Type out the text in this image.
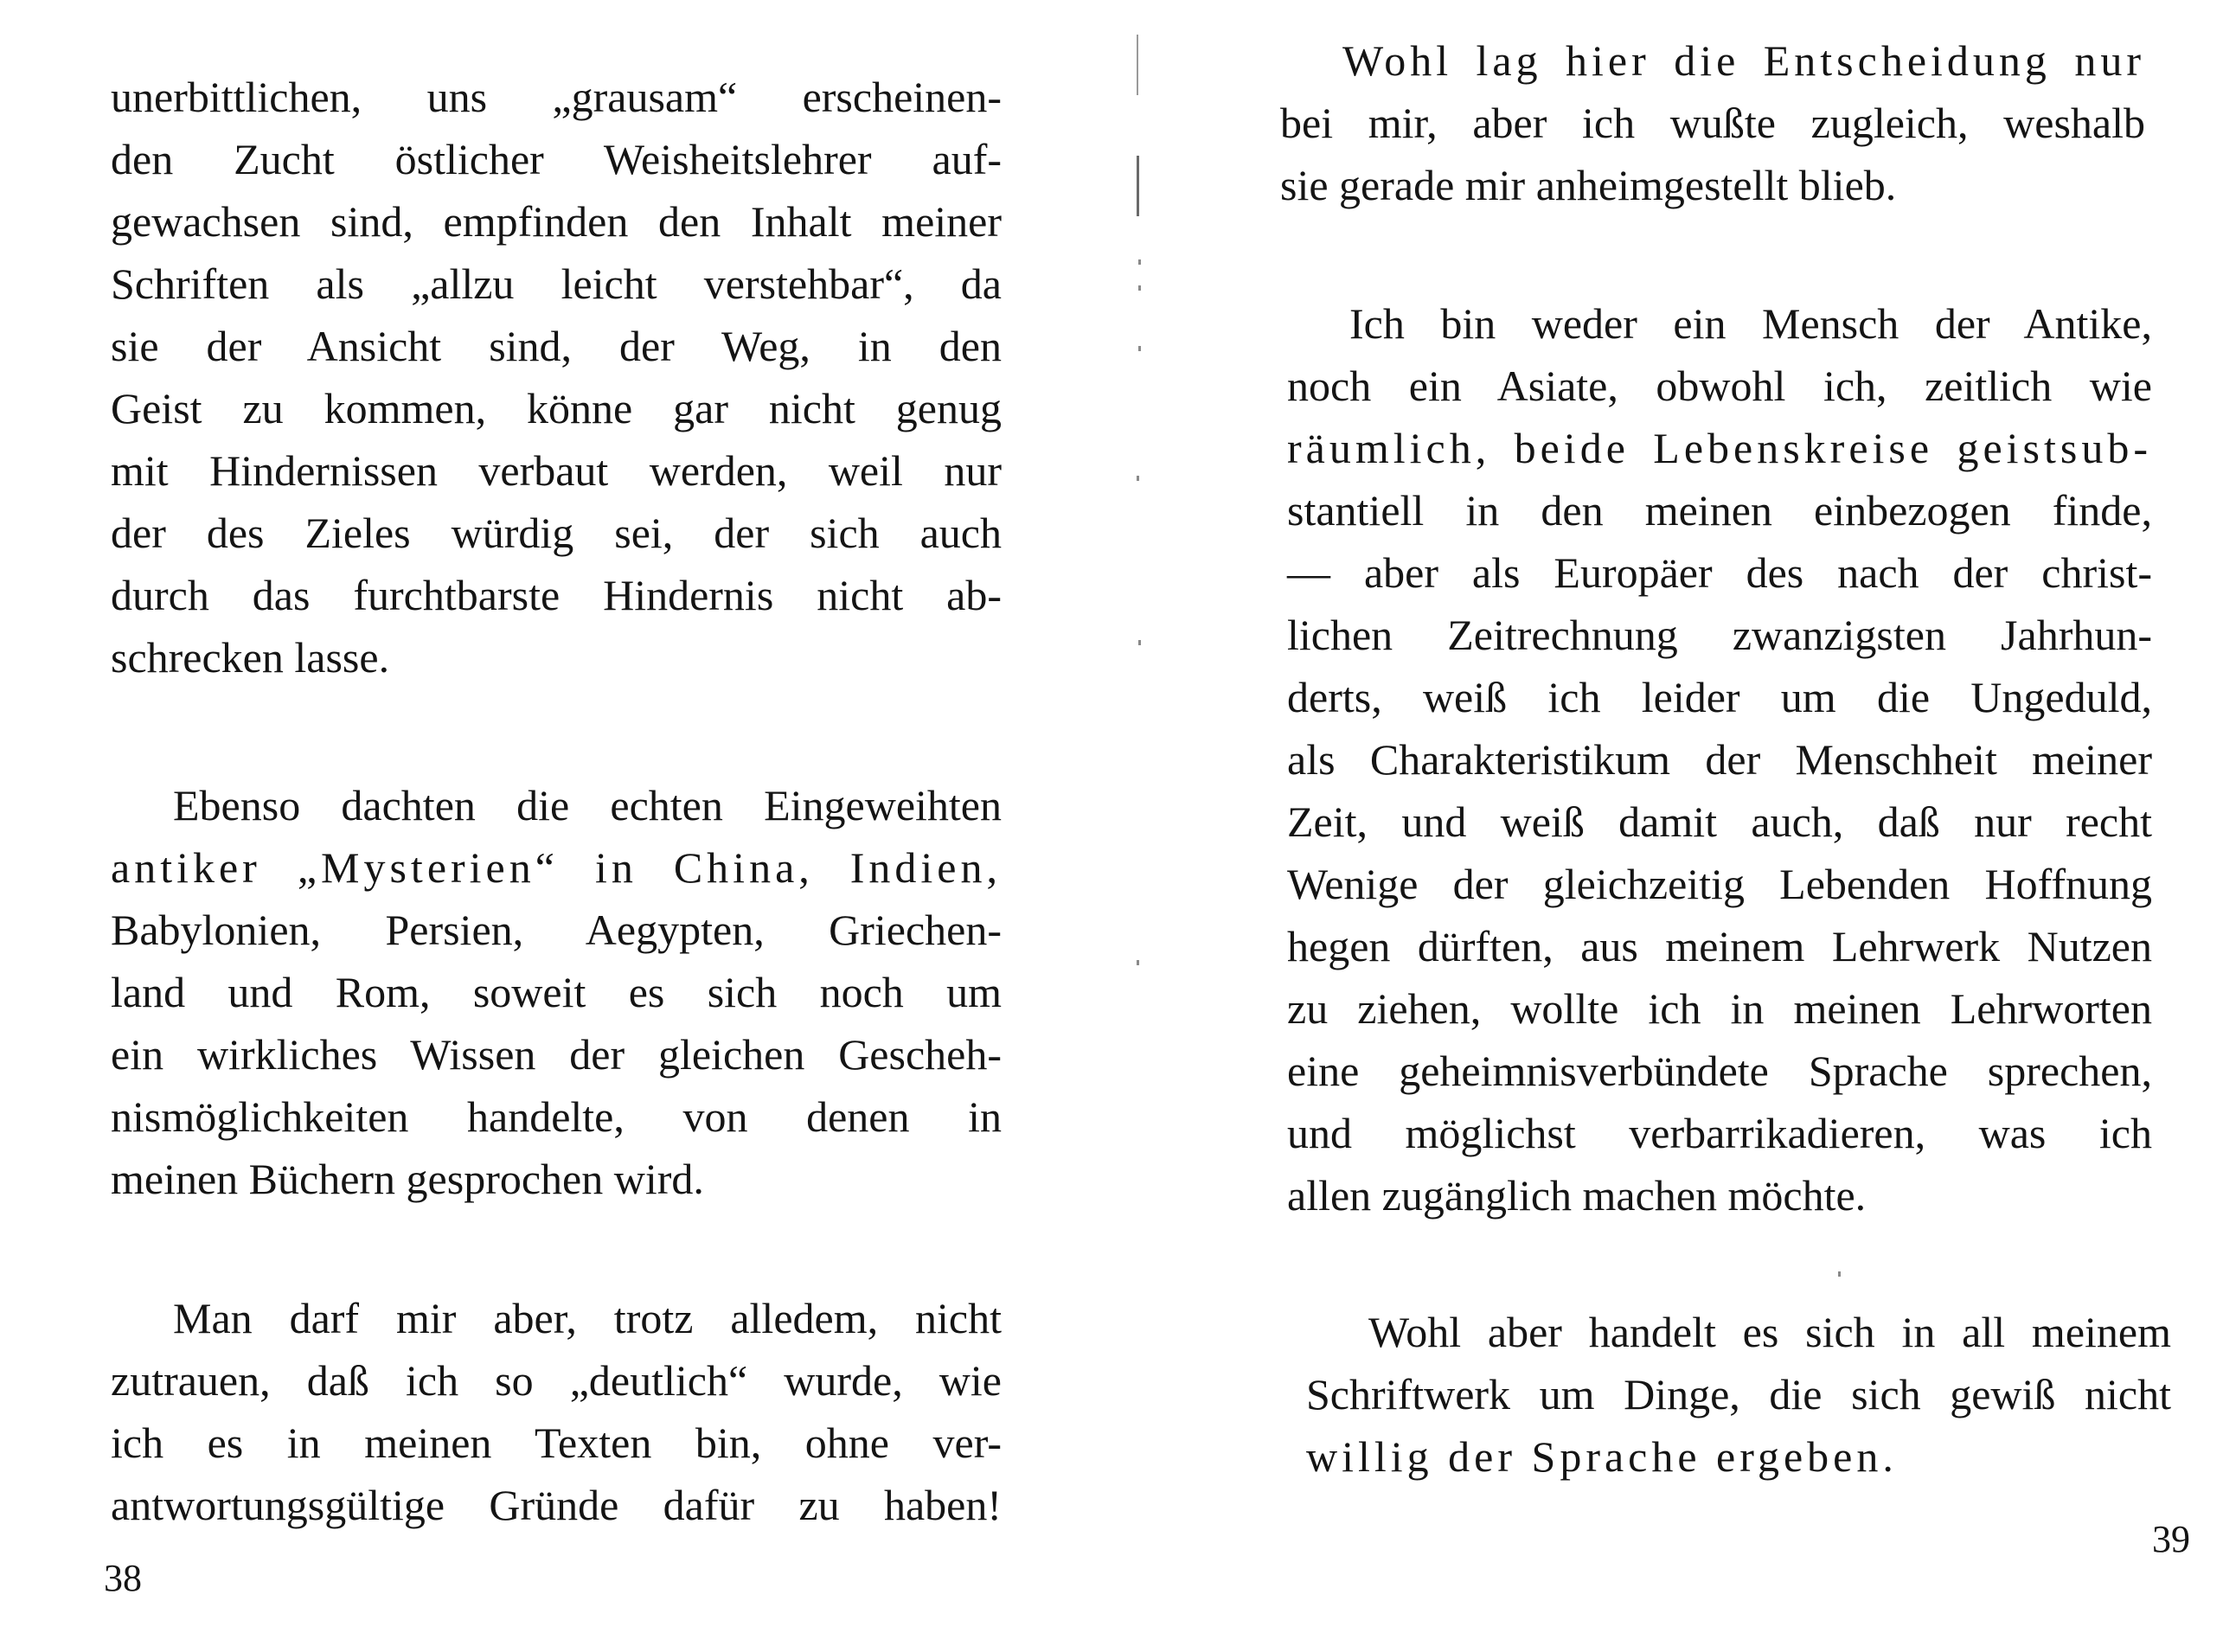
unerbittlichen, uns „grausam“ erscheinen-
den Zucht östlicher Weisheitslehrer auf-
gewachsen sind, empfinden den Inhalt meiner
Schriften als „allzu leicht verstehbar“, da
sie der Ansicht sind, der Weg, in den
Geist zu kommen, könne gar nicht genug
mit Hindernissen verbaut werden, weil nur
der des Zieles würdig sei, der sich auch
durch das furchtbarste Hindernis nicht ab-
schrecken lasse.
Ebenso dachten die echten Eingeweihten
antiker „Mysterien“ in China, Indien,
Babylonien, Persien, Aegypten, Griechen-
land und Rom, soweit es sich noch um
ein wirkliches Wissen der gleichen Gescheh-
nismöglichkeiten handelte, von denen in
meinen Büchern gesprochen wird.
Man darf mir aber, trotz alledem, nicht
zutrauen, daß ich so „deutlich“ wurde, wie
ich es in meinen Texten bin, ohne ver-
antwortungsgültige Gründe dafür zu haben!

38

Wohl lag hier die Entscheidung nur
bei mir, aber ich wußte zugleich, weshalb
sie gerade mir anheimgestellt blieb.
Ich bin weder ein Mensch der Antike,
noch ein Asiate, obwohl ich, zeitlich wie
räumlich, beide Lebenskreise geistsub-
stantiell in den meinen einbezogen finde,
— aber als Europäer des nach der christ-
lichen Zeitrechnung zwanzigsten Jahrhun-
derts, weiß ich leider um die Ungeduld,
als Charakteristikum der Menschheit meiner
Zeit, und weiß damit auch, daß nur recht
Wenige der gleichzeitig Lebenden Hoffnung
hegen dürften, aus meinem Lehrwerk Nutzen
zu ziehen, wollte ich in meinen Lehrworten
eine geheimnisverbündete Sprache sprechen,
und möglichst verbarrikadieren, was ich
allen zugänglich machen möchte.
Wohl aber handelt es sich in all meinem
Schriftwerk um Dinge, die sich gewiß nicht
willig der Sprache ergeben.

39
